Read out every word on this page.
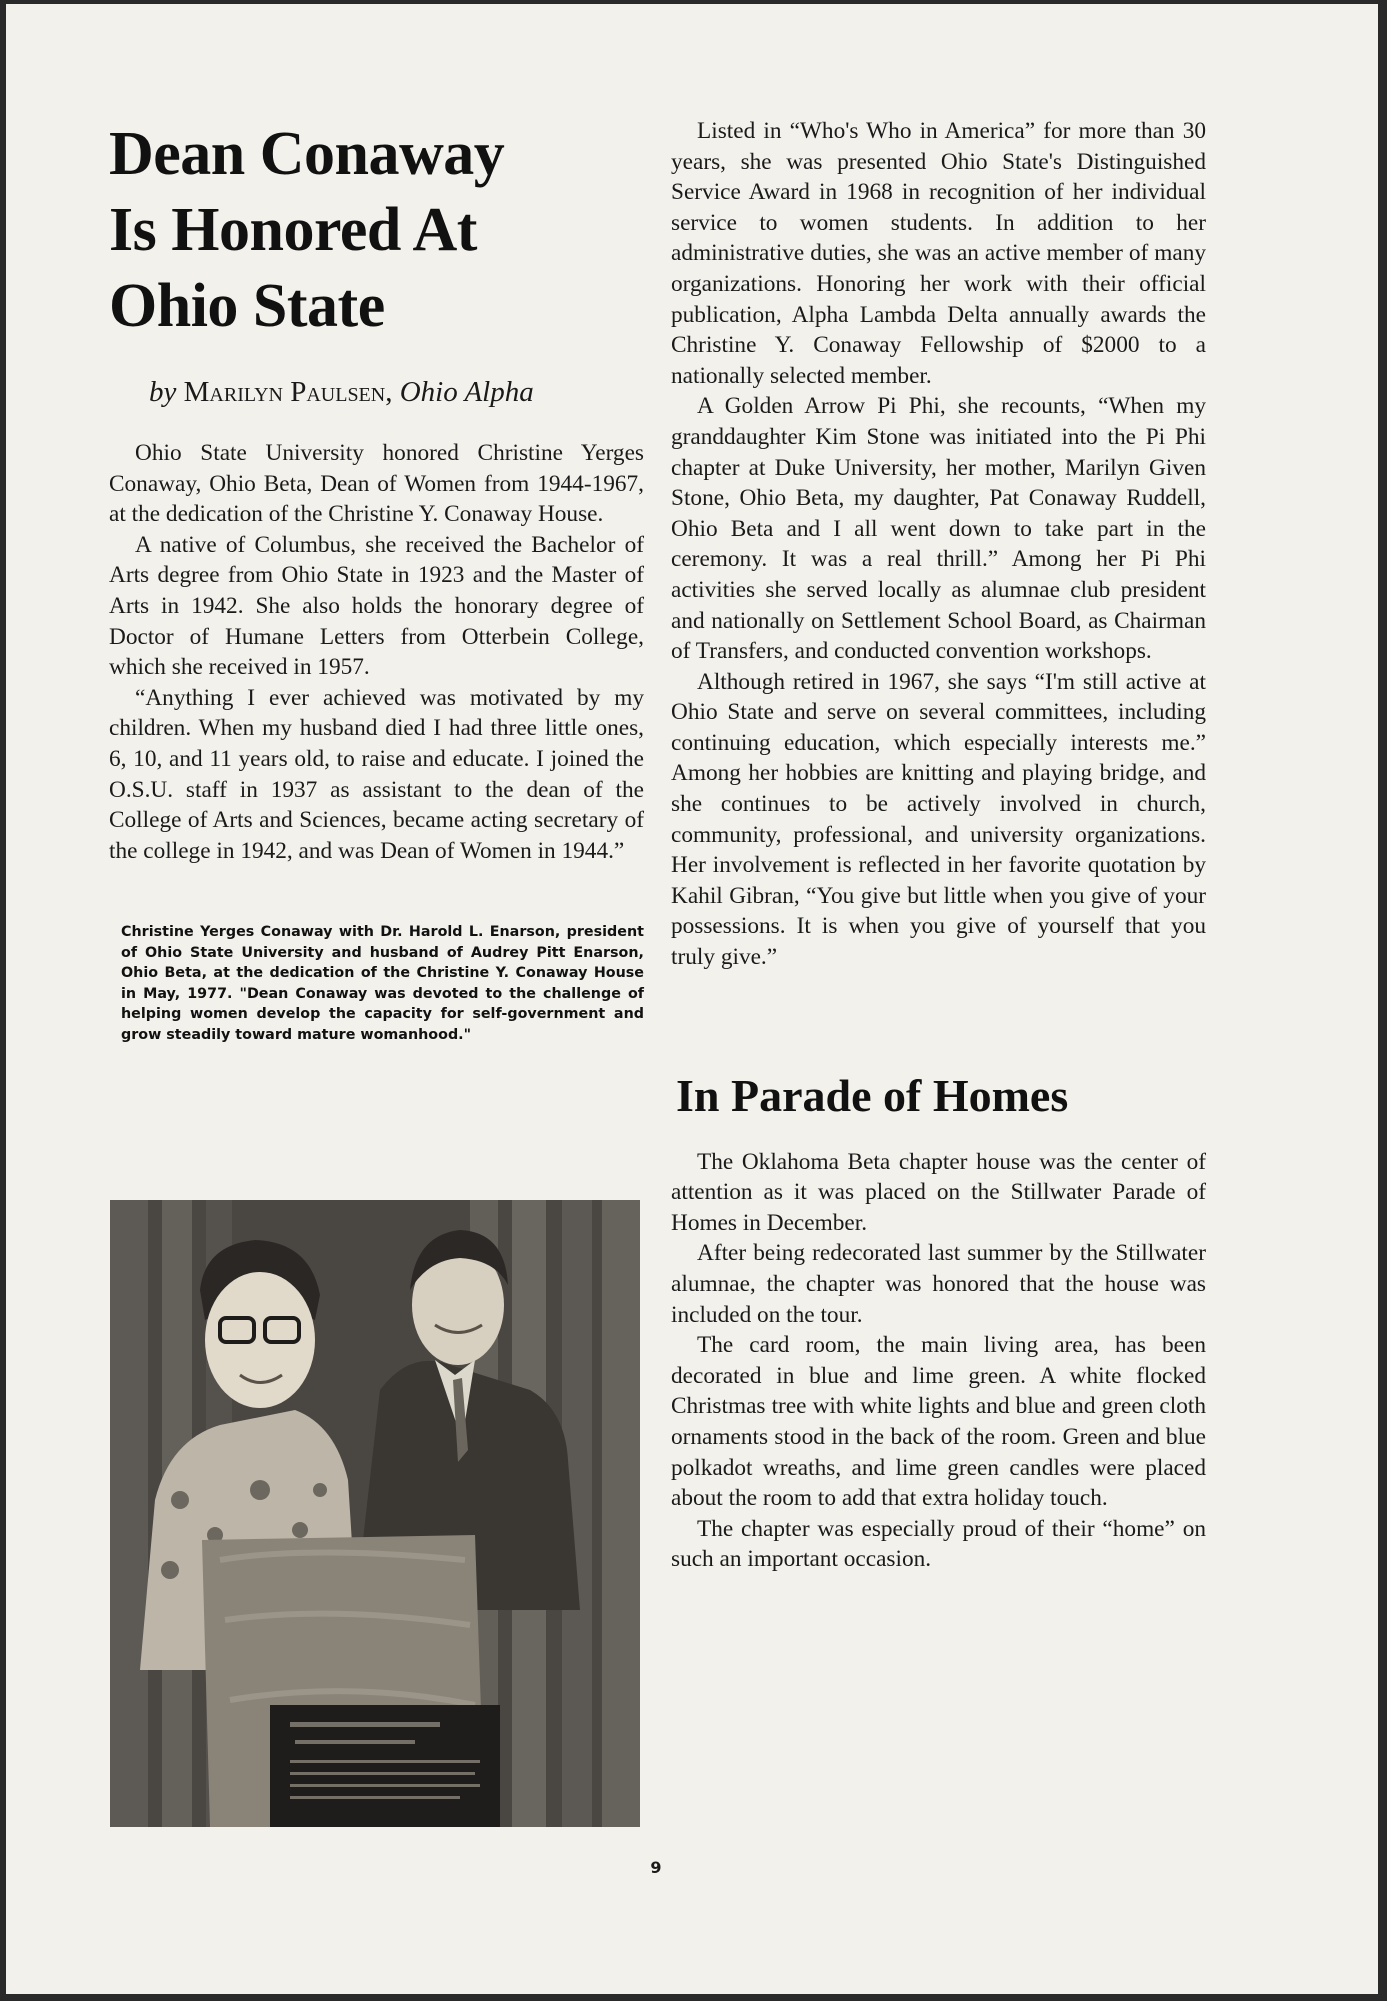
Dean Conaway
Is Honored At
Ohio State
by Marilyn Paulsen, Ohio Alpha

Ohio State University honored Christine Yerges Conaway, Ohio Beta, Dean of Women from 1944-1967, at the dedication of the Christine Y. Conaway House.

A native of Columbus, she received the Bachelor of Arts degree from Ohio State in 1923 and the Master of Arts in 1942. She also holds the honorary degree of Doctor of Humane Letters from Otterbein College, which she received in 1957.

“Anything I ever achieved was motivated by my children. When my husband died I had three little ones, 6, 10, and 11 years old, to raise and educate. I joined the O.S.U. staff in 1937 as assistant to the dean of the College of Arts and Sciences, became acting secretary of the college in 1942, and was Dean of Women in 1944.”

Christine Yerges Conaway with Dr. Harold L. Enarson, president of Ohio State University and husband of Audrey Pitt Enarson, Ohio Beta, at the dedication of the Christine Y. Conaway House in May, 1977. "Dean Conaway was devoted to the challenge of helping women develop the capacity for self-government and grow steadily toward mature womanhood."

Listed in “Who's Who in America” for more than 30 years, she was presented Ohio State's Distinguished Service Award in 1968 in recognition of her individual service to women students. In addition to her administrative duties, she was an active member of many organizations. Honoring her work with their official publication, Alpha Lambda Delta annually awards the Christine Y. Conaway Fellowship of $2000 to a nationally selected member.

A Golden Arrow Pi Phi, she recounts, “When my granddaughter Kim Stone was initiated into the Pi Phi chapter at Duke University, her mother, Marilyn Given Stone, Ohio Beta, my daughter, Pat Conaway Ruddell, Ohio Beta and I all went down to take part in the ceremony. It was a real thrill.” Among her Pi Phi activities she served locally as alumnae club president and nationally on Settlement School Board, as Chairman of Transfers, and conducted convention workshops.

Although retired in 1967, she says “I'm still active at Ohio State and serve on several committees, including continuing education, which especially interests me.” Among her hobbies are knitting and playing bridge, and she continues to be actively involved in church, community, professional, and university organizations. Her involvement is reflected in her favorite quotation by Kahil Gibran, “You give but little when you give of your possessions. It is when you give of yourself that you truly give.”

In Parade of Homes

The Oklahoma Beta chapter house was the center of attention as it was placed on the Stillwater Parade of Homes in December.

After being redecorated last summer by the Stillwater alumnae, the chapter was honored that the house was included on the tour.

The card room, the main living area, has been decorated in blue and lime green. A white flocked Christmas tree with white lights and blue and green cloth ornaments stood in the back of the room. Green and blue polkadot wreaths, and lime green candles were placed about the room to add that extra holiday touch.

The chapter was especially proud of their “home” on such an important occasion.

9
